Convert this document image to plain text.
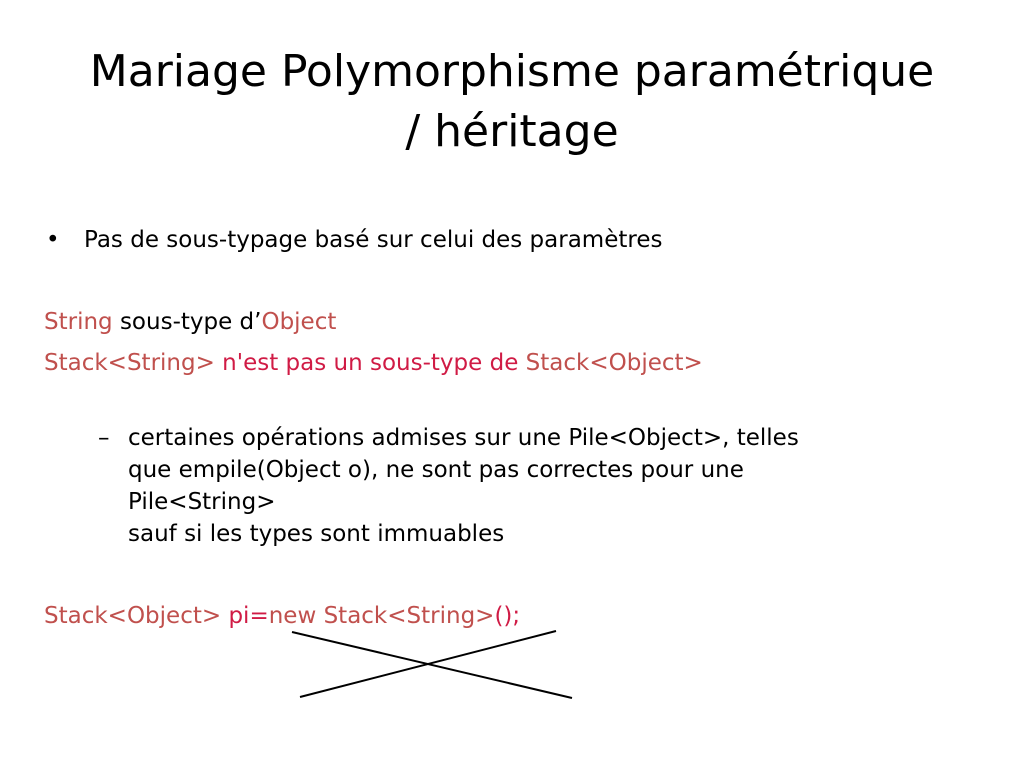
Mariage Polymorphisme paramétrique
/ héritage
•	Pas de sous-typage basé sur celui des paramètres
String sous-type d’Object
Stack<String> n'est pas un sous-type de Stack<Object>
– certaines opérations admises sur une Pile<Object>, telles
que empile(Object o), ne sont pas correctes pour une
Pile<String>
sauf si les types sont immuables
Stack<Object> pi=new Stack<String>();
